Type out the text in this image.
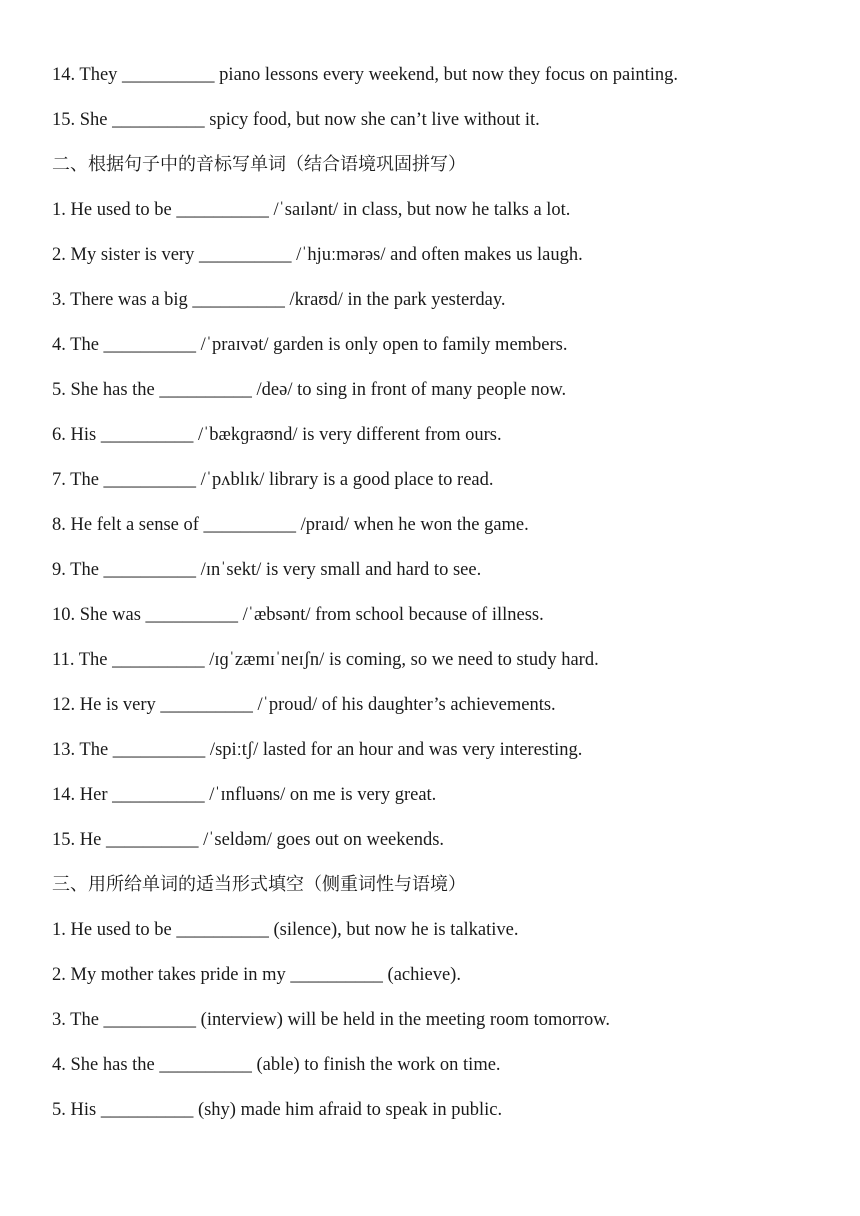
14. They __________ piano lessons every weekend, but now they focus on painting.
15. She __________ spicy food, but now she can’t live without it.
二、根据句子中的音标写单词（结合语境巩固拼写）
1. He used to be __________ /ˈsaɪlənt/ in class, but now he talks a lot.
2. My sister is very __________ /ˈhjuːmərəs/ and often makes us laugh.
3. There was a big __________ /kraʊd/ in the park yesterday.
4. The __________ /ˈpraɪvət/ garden is only open to family members.
5. She has the __________ /deə/ to sing in front of many people now.
6. His __________ /ˈbækɡraʊnd/ is very different from ours.
7. The __________ /ˈpʌblɪk/ library is a good place to read.
8. He felt a sense of __________ /praɪd/ when he won the game.
9. The __________ /ɪnˈsekt/ is very small and hard to see.
10. She was __________ /ˈæbsənt/ from school because of illness.
11. The __________ /ɪɡˈzæmɪˈneɪʃn/ is coming, so we need to study hard.
12. He is very __________ /ˈproud/ of his daughter’s achievements.
13. The __________ /spiːtʃ/ lasted for an hour and was very interesting.
14. Her __________ /ˈɪnfluəns/ on me is very great.
15. He __________ /ˈseldəm/ goes out on weekends.
三、用所给单词的适当形式填空（侧重词性与语境）
1. He used to be __________ (silence), but now he is talkative.
2. My mother takes pride in my __________ (achieve).
3. The __________ (interview) will be held in the meeting room tomorrow.
4. She has the __________ (able) to finish the work on time.
5. His __________ (shy) made him afraid to speak in public.
